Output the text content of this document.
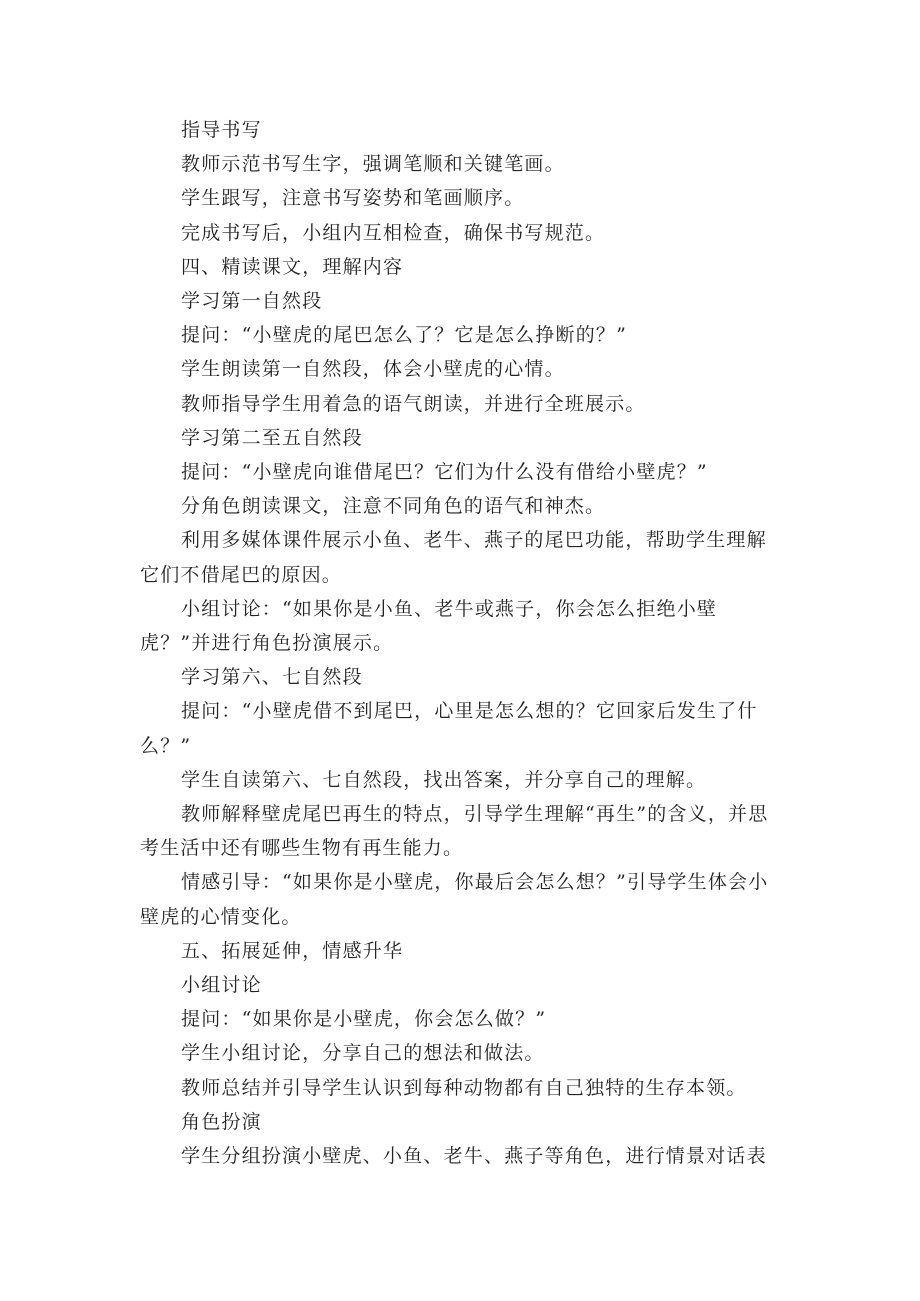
指导书写

教师示范书写生字，强调笔顺和关键笔画。

学生跟写，注意书写姿势和笔画顺序。

完成书写后，小组内互相检查，确保书写规范。

四、精读课文，理解内容

学习第一自然段

提问：“小壁虎的尾巴怎么了？它是怎么挣断的？”

学生朗读第一自然段，体会小壁虎的心情。

教师指导学生用着急的语气朗读，并进行全班展示。

学习第二至五自然段

提问：“小壁虎向谁借尾巴？它们为什么没有借给小壁虎？”

分角色朗读课文，注意不同角色的语气和神杰。

利用多媒体课件展示小鱼、老牛、燕子的尾巴功能，帮助学生理解它们不借尾巴的原因。

小组讨论：“如果你是小鱼、老牛或燕子，你会怎么拒绝小壁虎？”并进行角色扮演展示。

学习第六、七自然段

提问：“小壁虎借不到尾巴，心里是怎么想的？它回家后发生了什么？”

学生自读第六、七自然段，找出答案，并分享自己的理解。

教师解释壁虎尾巴再生的特点，引导学生理解“再生”的含义，并思考生活中还有哪些生物有再生能力。

情感引导：“如果你是小壁虎，你最后会怎么想？”引导学生体会小壁虎的心情变化。

五、拓展延伸，情感升华

小组讨论

提问：“如果你是小壁虎，你会怎么做？”

学生小组讨论，分享自己的想法和做法。

教师总结并引导学生认识到每种动物都有自己独特的生存本领。

角色扮演

学生分组扮演小壁虎、小鱼、老牛、燕子等角色，进行情景对话表
